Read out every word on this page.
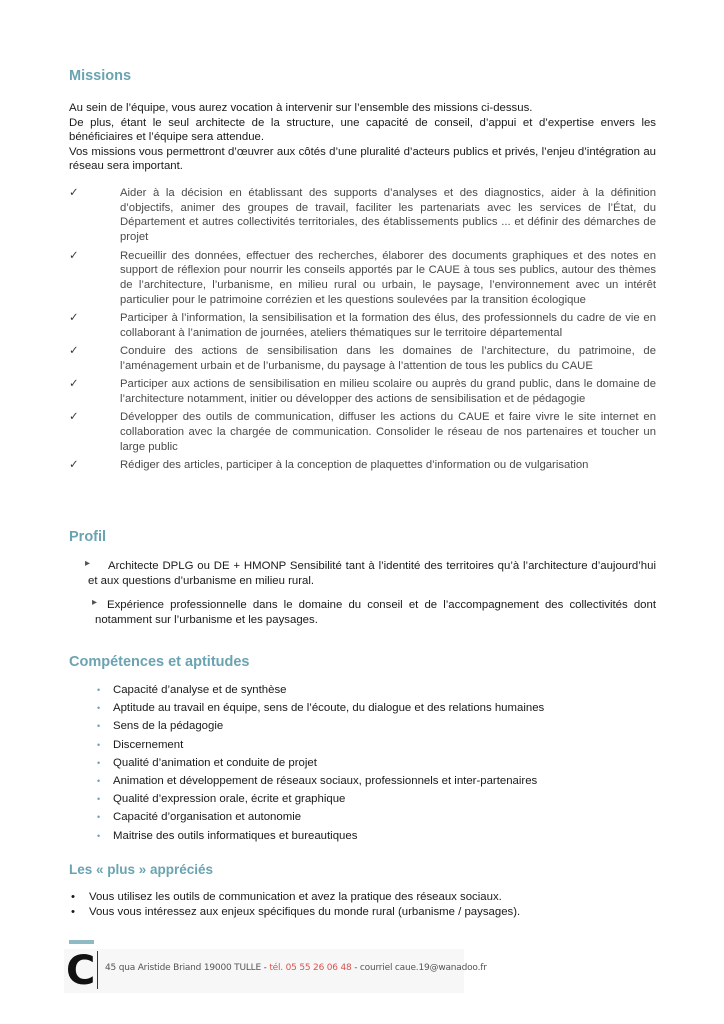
Missions

Au sein de l’équipe, vous aurez vocation à intervenir sur l’ensemble des missions ci-dessus.

De plus, étant le seul architecte de la structure, une capacité de conseil, d’appui et d’expertise envers les bénéficiaires et l’équipe sera attendue.

Vos missions vous permettront d’œuvrer aux côtés d’une pluralité d’acteurs publics et privés, l’enjeu d’intégration au réseau sera important.

✓	Aider à la décision en établissant des supports d’analyses et des diagnostics, aider à la définition d’objectifs, animer des groupes de travail, faciliter les partenariats avec les services de l’État, du Département et autres collectivités territoriales, des établissements publics ... et définir des démarches de projet
✓	Recueillir des données, effectuer des recherches, élaborer des documents graphiques et des notes en support de réflexion pour nourrir les conseils apportés par le CAUE à tous ses publics, autour des thèmes de l’architecture, l’urbanisme, en milieu rural ou urbain, le paysage, l’environnement avec un intérêt particulier pour le patrimoine corrézien et les questions soulevées par la transition écologique
✓	Participer à l’information, la sensibilisation et la formation des élus, des professionnels du cadre de vie en collaborant à l’animation de journées, ateliers thématiques sur le territoire départemental
✓	Conduire des actions de sensibilisation dans les domaines de l’architecture, du patrimoine, de l’aménagement urbain et de l’urbanisme, du paysage à l’attention de tous les publics du CAUE
✓	Participer aux actions de sensibilisation en milieu scolaire ou auprès du grand public, dans le domaine de l’architecture notamment, initier ou développer des actions de sensibilisation et de pédagogie
✓	Développer des outils de communication, diffuser les actions du CAUE et faire vivre le site internet en collaboration avec la chargée de communication. Consolider le réseau de nos partenaires et toucher un large public
✓	Rédiger des articles, participer à la conception de plaquettes d’information ou de vulgarisation
Profil

▸ Architecte DPLG ou DE + HMONP Sensibilité tant à l’identité des territoires qu’à l’architecture d’aujourd’hui et aux questions d’urbanisme en milieu rural.

▸ Expérience professionnelle dans le domaine du conseil et de l’accompagnement des collectivités dont notamment sur l’urbanisme et les paysages.

Compétences et aptitudes
• Capacité d’analyse et de synthèse
• Aptitude au travail en équipe, sens de l’écoute, du dialogue et des relations humaines
• Sens de la pédagogie
• Discernement
• Qualité d’animation et conduite de projet
• Animation et développement de réseaux sociaux, professionnels et inter-partenaires
• Qualité d’expression orale, écrite et graphique
• Capacité d’organisation et autonomie
• Maitrise des outils informatiques et bureautiques
Les « plus » appréciés
• Vous utilisez les outils de communication et avez la pratique des réseaux sociaux.
• Vous vous intéressez aux enjeux spécifiques du monde rural (urbanisme / paysages).
C 45 qua Aristide Briand 19000 TULLE - tél. 05 55 26 06 48 - courriel caue.19@wanadoo.fr
